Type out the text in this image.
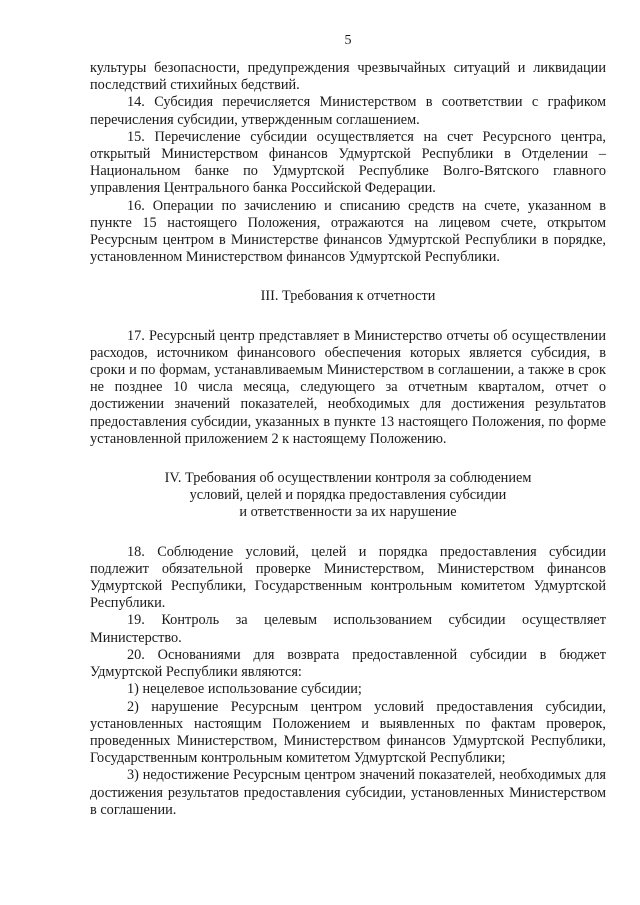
5

культуры безопасности, предупреждения чрезвычайных ситуаций и ликвидации последствий стихийных бедствий.

14. Субсидия перечисляется Министерством в соответствии с графиком перечисления субсидии, утвержденным соглашением.

15. Перечисление субсидии осуществляется на счет Ресурсного центра, открытый Министерством финансов Удмуртской Республики в Отделении – Национальном банке по Удмуртской Республике Волго-Вятского главного управления Центрального банка Российской Федерации.

16. Операции по зачислению и списанию средств на счете, указанном в пункте 15 настоящего Положения, отражаются на лицевом счете, открытом Ресурсным центром в Министерстве финансов Удмуртской Республики в порядке, установленном Министерством финансов Удмуртской Республики.

III. Требования к отчетности

17. Ресурсный центр представляет в Министерство отчеты об осуществлении расходов, источником финансового обеспечения которых является субсидия, в сроки и по формам, устанавливаемым Министерством в соглашении, а также в срок не позднее 10 числа месяца, следующего за отчетным кварталом, отчет о достижении значений показателей, необходимых для достижения результатов предоставления субсидии, указанных в пункте 13 настоящего Положения, по форме установленной приложением 2 к настоящему Положению.

IV. Требования об осуществлении контроля за соблюдением

условий, целей и порядка предоставления субсидии

и ответственности за их нарушение

18. Соблюдение условий, целей и порядка предоставления субсидии подлежит обязательной проверке Министерством, Министерством финансов Удмуртской Республики, Государственным контрольным комитетом Удмуртской Республики.

19. Контроль за целевым использованием субсидии осуществляет Министерство.

20. Основаниями для возврата предоставленной субсидии в бюджет Удмуртской Республики являются:

1) нецелевое использование субсидии;

2) нарушение Ресурсным центром условий предоставления субсидии, установленных настоящим Положением и выявленных по фактам проверок, проведенных Министерством, Министерством финансов Удмуртской Республики, Государственным контрольным комитетом Удмуртской Республики;

3) недостижение Ресурсным центром значений показателей, необходимых для достижения результатов предоставления субсидии, установленных Министерством в соглашении.
